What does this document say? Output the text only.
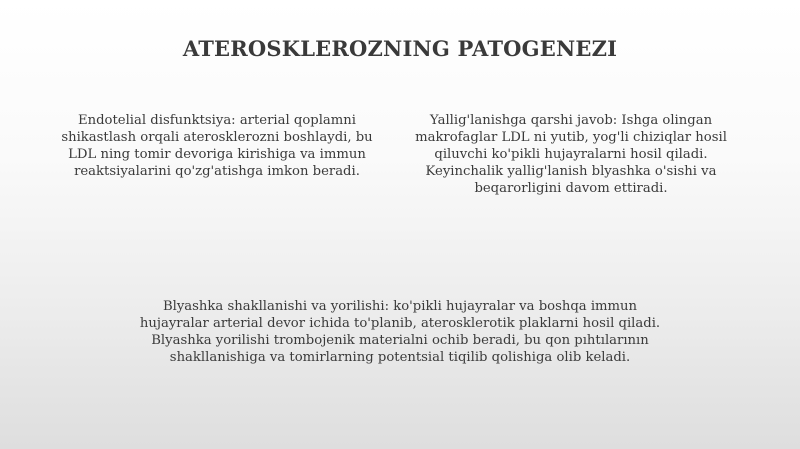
ATEROSKLEROZNING PATOGENEZI
Endotelial disfunktsiya: arterial qoplamni shikastlash orqali aterosklerozni boshlaydi, bu LDL ning tomir devoriga kirishiga va immun reaktsiyalarini qo'zg'atishga imkon beradi.
Yallig'lanishga qarshi javob: Ishga olingan makrofaglar LDL ni yutib, yog'li chiziqlar hosil qiluvchi ko'pikli hujayralarni hosil qiladi. Keyinchalik yallig'lanish blyashka o'sishi va beqarorligini davom ettiradi.
Blyashka shakllanishi va yorilishi: ko'pikli hujayralar va boshqa immun hujayralar arterial devor ichida to'planib, aterosklerotik plaklarni hosil qiladi. Blyashka yorilishi trombojenik materialni ochib beradi, bu qon pıhtılarının shakllanishiga va tomirlarning potentsial tiqilib qolishiga olib keladi.
